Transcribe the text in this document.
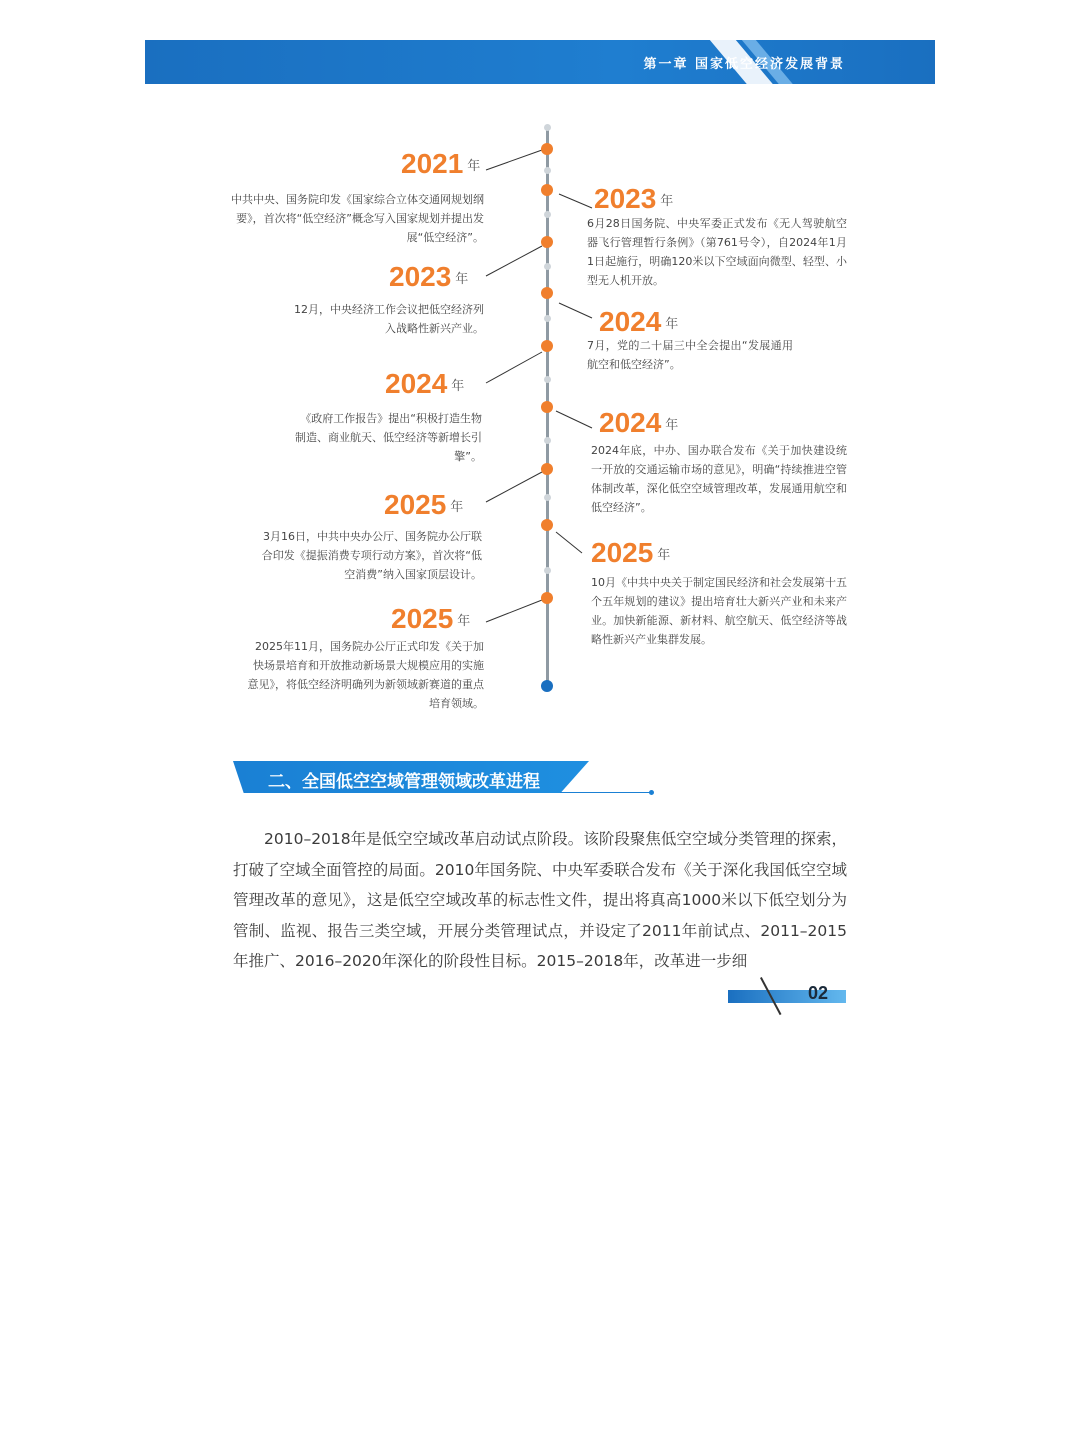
第一章 国家低空经济发展背景
2021 年
中共中央、国务院印发《国家综合立体交通网规划纲要》，首次将“低空经济”概念写入国家规划并提出发展“低空经济”。
2023 年
12月，中央经济工作会议把低空经济列入战略性新兴产业。
2024 年
《政府工作报告》提出“积极打造生物制造、商业航天、低空经济等新增长引擎”。
2025 年
3月16日，中共中央办公厅、国务院办公厅联合印发《提振消费专项行动方案》，首次将“低空消费”纳入国家顶层设计。
2025 年
2025年11月，国务院办公厅正式印发《关于加快场景培育和开放推动新场景大规模应用的实施意见》，将低空经济明确列为新领域新赛道的重点培育领域。
2023 年
6月28日国务院、中央军委正式发布《无人驾驶航空器飞行管理暂行条例》（第761号令），自2024年1月1日起施行，明确120米以下空域面向微型、轻型、小型无人机开放。
2024 年
7月，党的二十届三中全会提出“发展通用航空和低空经济”。
2024 年
2024年底，中办、国办联合发布《关于加快建设统一开放的交通运输市场的意见》，明确“持续推进空管体制改革，深化低空空域管理改革，发展通用航空和低空经济”。
2025 年
10月《中共中央关于制定国民经济和社会发展第十五个五年规划的建议》提出培育壮大新兴产业和未来产业。加快新能源、新材料、航空航天、低空经济等战略性新兴产业集群发展。
二、全国低空空域管理领域改革进程
2010–2018年是低空空域改革启动试点阶段。该阶段聚焦低空空域分类管理的探索，打破了空域全面管控的局面。2010年国务院、中央军委联合发布《关于深化我国低空空域管理改革的意见》，这是低空空域改革的标志性文件，提出将真高1000米以下低空划分为管制、监视、报告三类空域，开展分类管理试点，并设定了2011年前试点、2011–2015年推广、2016–2020年深化的阶段性目标。2015–2018年，改革进一步细
02
